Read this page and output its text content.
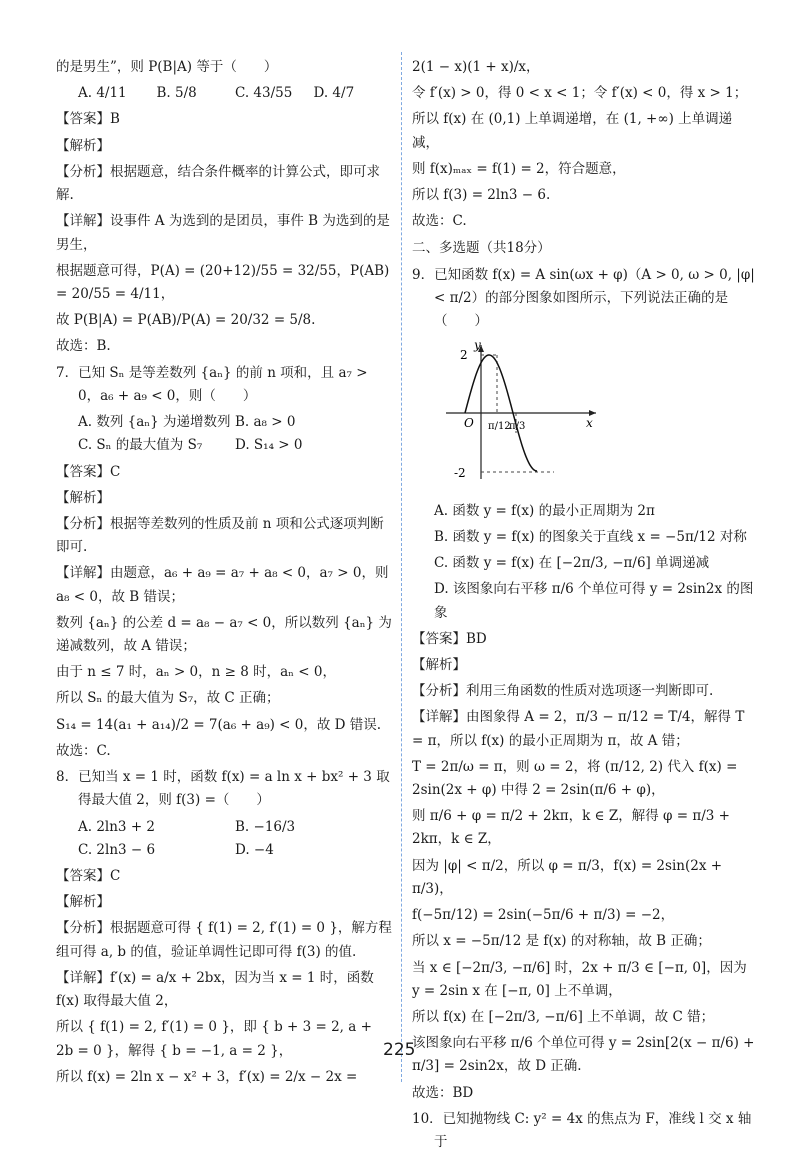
的是男生”，则 P(B|A) 等于（　　）
A. 4/11	B. 5/8	C. 43/55	D. 4/7
【答案】B
【解析】
【分析】根据题意，结合条件概率的计算公式，即可求解.
【详解】设事件 A 为选到的是团员，事件 B 为选到的是男生，
根据题意可得，P(A) = (20+12)/55 = 32/55，P(AB) = 20/55 = 4/11，
故 P(B|A) = P(AB)/P(A) = 20/32 = 5/8.
故选：B.
7．已知 Sₙ 是等差数列 {aₙ} 的前 n 项和，且 a₇ > 0，a₆ + a₉ < 0，则（　　）
A. 数列 {aₙ} 为递增数列 B. a₈ > 0
C. Sₙ 的最大值为 S₇	D. S₁₄ > 0
【答案】C
【解析】
【分析】根据等差数列的性质及前 n 项和公式逐项判断即可.
【详解】由题意，a₆ + a₉ = a₇ + a₈ < 0，a₇ > 0，则 a₈ < 0，故 B 错误；
数列 {aₙ} 的公差 d = a₈ − a₇ < 0，所以数列 {aₙ} 为递减数列，故 A 错误；
由于 n ≤ 7 时，aₙ > 0，n ≥ 8 时，aₙ < 0，
所以 Sₙ 的最大值为 S₇，故 C 正确；
S₁₄ = 14(a₁ + a₁₄)/2 = 7(a₆ + a₉) < 0，故 D 错误.
故选：C.
8．已知当 x = 1 时，函数 f(x) = a ln x + bx² + 3 取得最大值 2，则 f(3) =（　　）
A. 2ln3 + 2	B. −16/3
C. 2ln3 − 6	D. −4
【答案】C
【解析】
【分析】根据题意可得 { f(1) = 2, f′(1) = 0 }，解方程组可得 a, b 的值，验证单调性记即可得 f(3) 的值.
【详解】f′(x) = a/x + 2bx，因为当 x = 1 时，函数 f(x) 取得最大值 2，
所以 { f(1) = 2, f′(1) = 0 }，即 { b + 3 = 2, a + 2b = 0 }，解得 { b = −1, a = 2 }，
所以 f(x) = 2ln x − x² + 3，f′(x) = 2/x − 2x =
2(1 − x)(1 + x)/x，
令 f′(x) > 0，得 0 < x < 1；令 f′(x) < 0，得 x > 1；
所以 f(x) 在 (0,1) 上单调递增，在 (1, +∞) 上单调递减，
则 f(x)ₘₐₓ = f(1) = 2，符合题意，
所以 f(3) = 2ln3 − 6.
故选：C.
二、多选题（共18分）
9．已知函数 f(x) = A sin(ωx + φ)（A > 0, ω > 0, |φ| < π/2）的部分图象如图所示，下列说法正确的是（　　）
y
x
O
2
-2
π/12
π/3
A. 函数 y = f(x) 的最小正周期为 2π
B. 函数 y = f(x) 的图象关于直线 x = −5π/12 对称
C. 函数 y = f(x) 在 [−2π/3, −π/6] 单调递减
D. 该图象向右平移 π/6 个单位可得 y = 2sin2x 的图象
【答案】BD
【解析】
【分析】利用三角函数的性质对选项逐一判断即可.
【详解】由图象得 A = 2，π/3 − π/12 = T/4，解得 T = π，所以 f(x) 的最小正周期为 π，故 A 错；
T = 2π/ω = π，则 ω = 2，将 (π/12, 2) 代入 f(x) = 2sin(2x + φ) 中得 2 = 2sin(π/6 + φ)，
则 π/6 + φ = π/2 + 2kπ，k ∈ Z，解得 φ = π/3 + 2kπ，k ∈ Z，
因为 |φ| < π/2，所以 φ = π/3，f(x) = 2sin(2x + π/3)，
f(−5π/12) = 2sin(−5π/6 + π/3) = −2，
所以 x = −5π/12 是 f(x) 的对称轴，故 B 正确；
当 x ∈ [−2π/3, −π/6] 时，2x + π/3 ∈ [−π, 0]，因为 y = 2sin x 在 [−π, 0] 上不单调，
所以 f(x) 在 [−2π/3, −π/6] 上不单调，故 C 错；
该图象向右平移 π/6 个单位可得 y = 2sin[2(x − π/6) + π/3] = 2sin2x，故 D 正确.
故选：BD
10．已知抛物线 C: y² = 4x 的焦点为 F，准线 l 交 x 轴于
225
